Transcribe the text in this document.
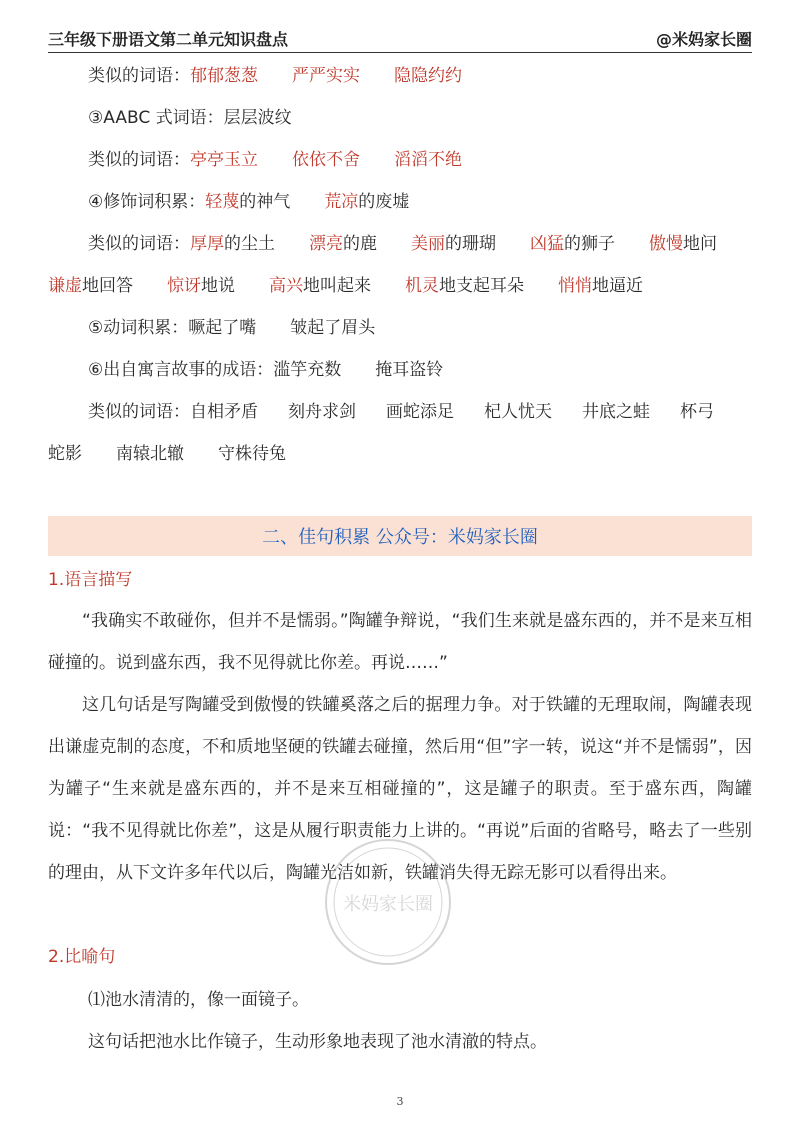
三年级下册语文第二单元知识盘点	@米妈家长圈
类似的词语：郁郁葱葱 严严实实 隐隐约约
③AABC 式词语：层层波纹
类似的词语：亭亭玉立 依依不舍 滔滔不绝
④修饰词积累：轻蔑的神气 荒凉的废墟
类似的词语：厚厚的尘土 漂亮的鹿 美丽的珊瑚 凶猛的狮子 傲慢地问
谦虚地回答 惊讶地说 高兴地叫起来 机灵地支起耳朵 悄悄地逼近
⑤动词积累：噘起了嘴 皱起了眉头
⑥出自寓言故事的成语：滥竽充数 掩耳盗铃
类似的词语：自相矛盾 刻舟求剑 画蛇添足 杞人忧天 井底之蛙 杯弓
蛇影 南辕北辙 守株待兔
二、佳句积累 公众号：米妈家长圈
1.语言描写

“我确实不敢碰你，但并不是懦弱。”陶罐争辩说，“我们生来就是盛东西的，并不是来互相碰撞的。说到盛东西，我不见得就比你差。再说……”

这几句话是写陶罐受到傲慢的铁罐奚落之后的据理力争。对于铁罐的无理取闹，陶罐表现出谦虚克制的态度，不和质地坚硬的铁罐去碰撞，然后用“但”字一转，说这“并不是懦弱”，因为罐子“生来就是盛东西的，并不是来互相碰撞的”，这是罐子的职责。至于盛东西，陶罐说：“我不见得就比你差”，这是从履行职责能力上讲的。“再说”后面的省略号，略去了一些别的理由，从下文许多年代以后，陶罐光洁如新，铁罐消失得无踪无影可以看得出来。

2.比喻句
⑴池水清清的，像一面镜子。
这句话把池水比作镜子，生动形象地表现了池水清澈的特点。
米妈家长圈
3
